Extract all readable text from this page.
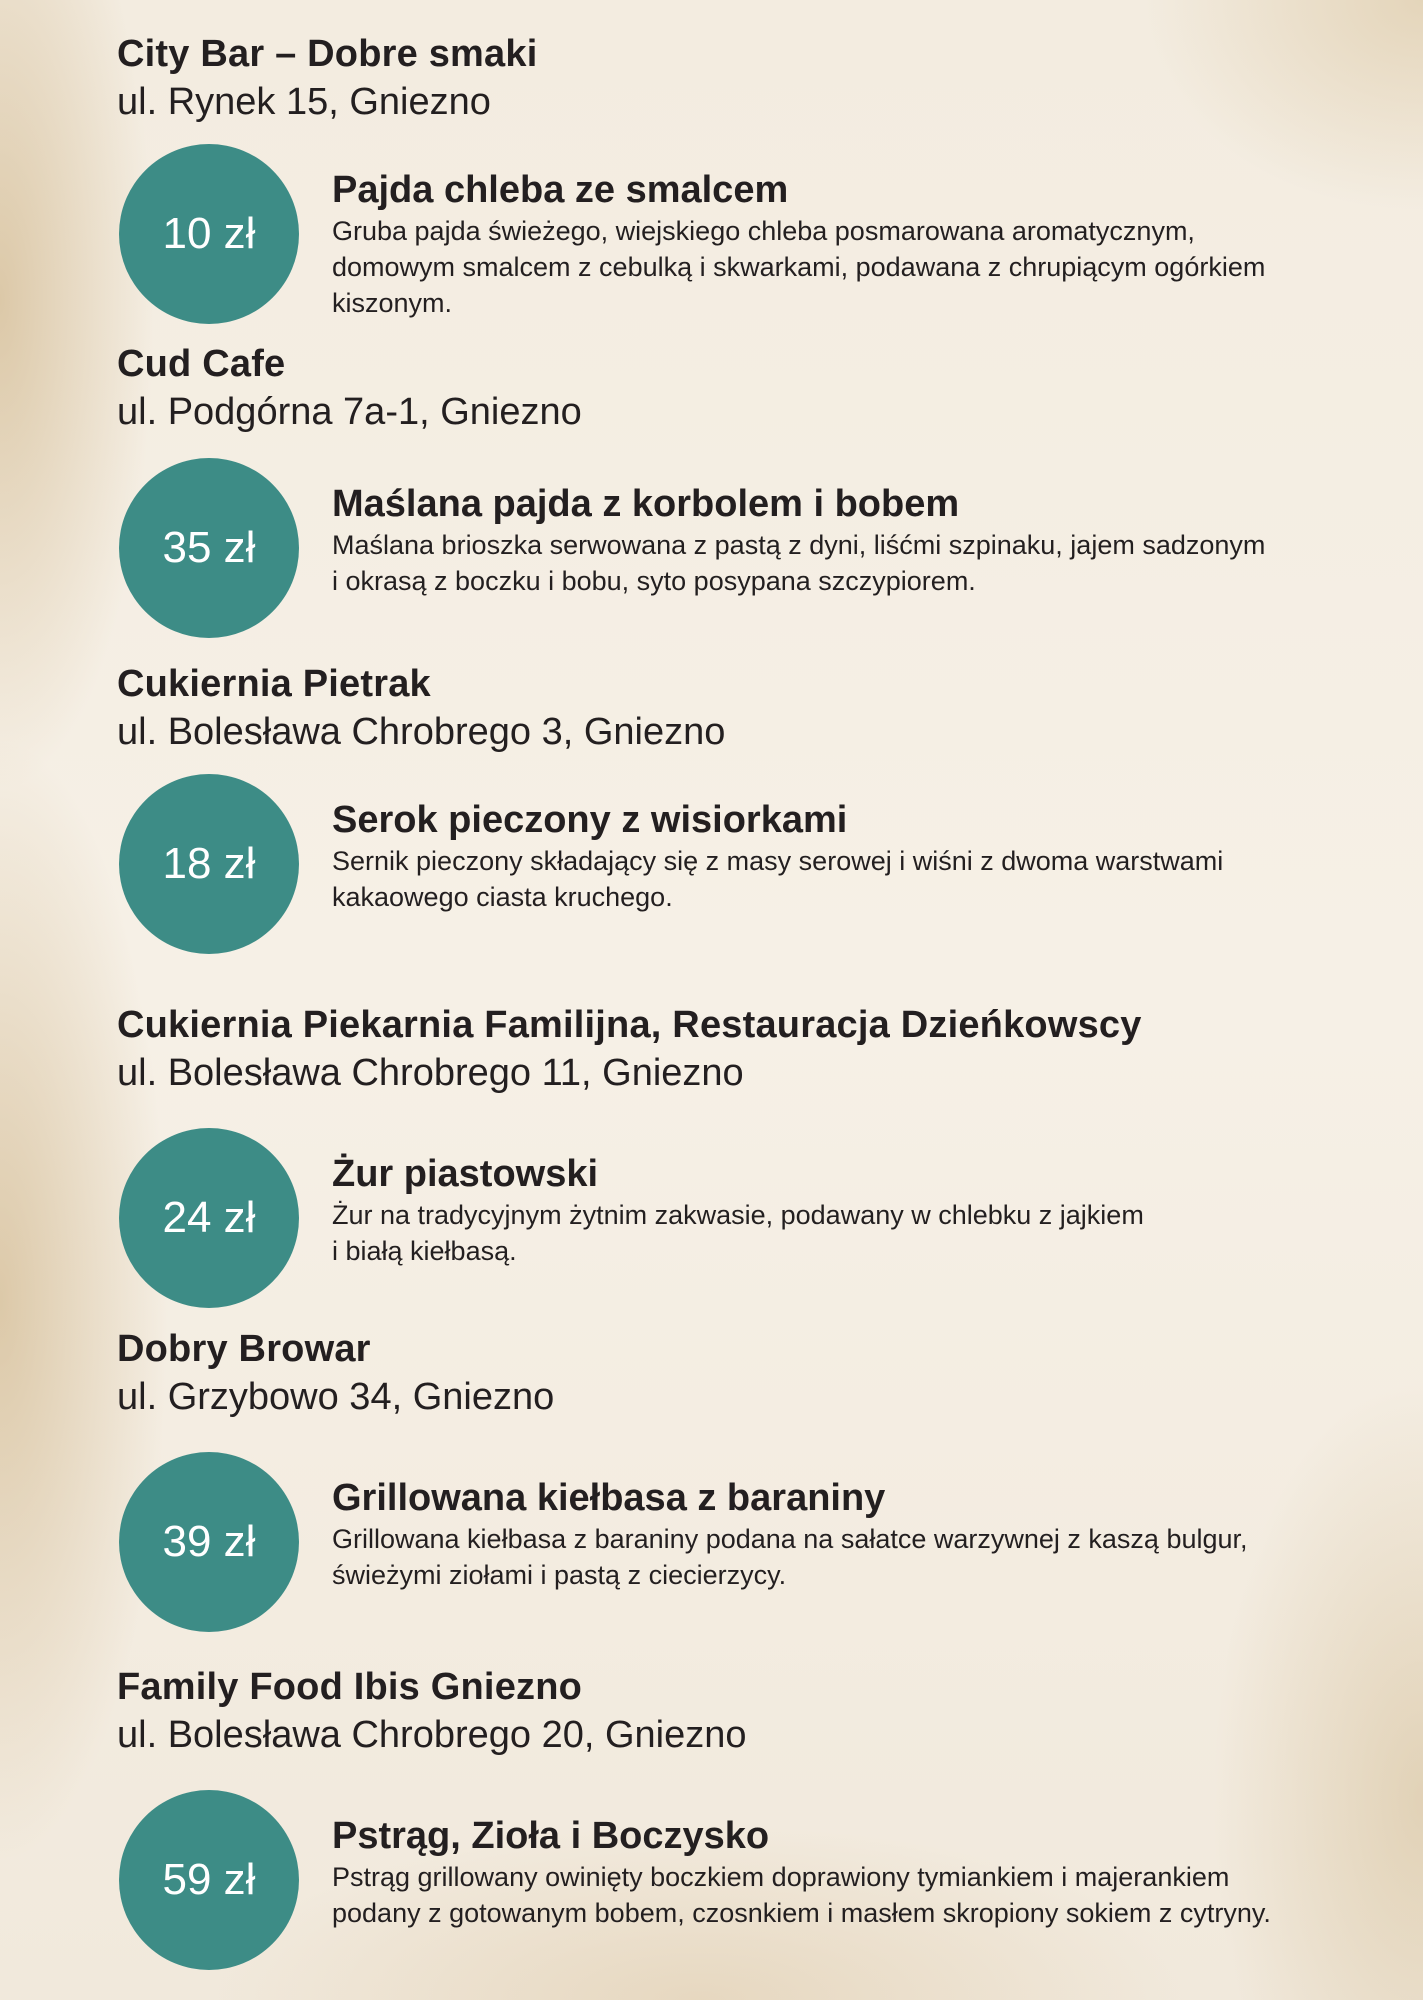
City Bar – Dobre smaki
ul. Rynek 15, Gniezno
10 zł
Pajda chleba ze smalcem
Gruba pajda świeżego, wiejskiego chleba posmarowana aromatycznym,
domowym smalcem z cebulką i skwarkami, podawana z chrupiącym ogórkiem
kiszonym.
Cud Cafe
ul. Podgórna 7a-1, Gniezno
35 zł
Maślana pajda z korbolem i bobem
Maślana brioszka serwowana z pastą z dyni, liśćmi szpinaku, jajem sadzonym
i okrasą z boczku i bobu, syto posypana szczypiorem.
Cukiernia Pietrak
ul. Bolesława Chrobrego 3, Gniezno
18 zł
Serok pieczony z wisiorkami
Sernik pieczony składający się z masy serowej i wiśni z dwoma warstwami
kakaowego ciasta kruchego.
Cukiernia Piekarnia Familijna, Restauracja Dzieńkowscy
ul. Bolesława Chrobrego 11, Gniezno
24 zł
Żur piastowski
Żur na tradycyjnym żytnim zakwasie, podawany w chlebku z jajkiem
i białą kiełbasą.
Dobry Browar
ul. Grzybowo 34, Gniezno
39 zł
Grillowana kiełbasa z baraniny
Grillowana kiełbasa z baraniny podana na sałatce warzywnej z kaszą bulgur,
świeżymi ziołami i pastą z ciecierzycy.
Family Food Ibis Gniezno
ul. Bolesława Chrobrego 20, Gniezno
59 zł
Pstrąg, Zioła i Boczysko
Pstrąg grillowany owinięty boczkiem doprawiony tymiankiem i majerankiem
podany z gotowanym bobem, czosnkiem i masłem skropiony sokiem z cytryny.
